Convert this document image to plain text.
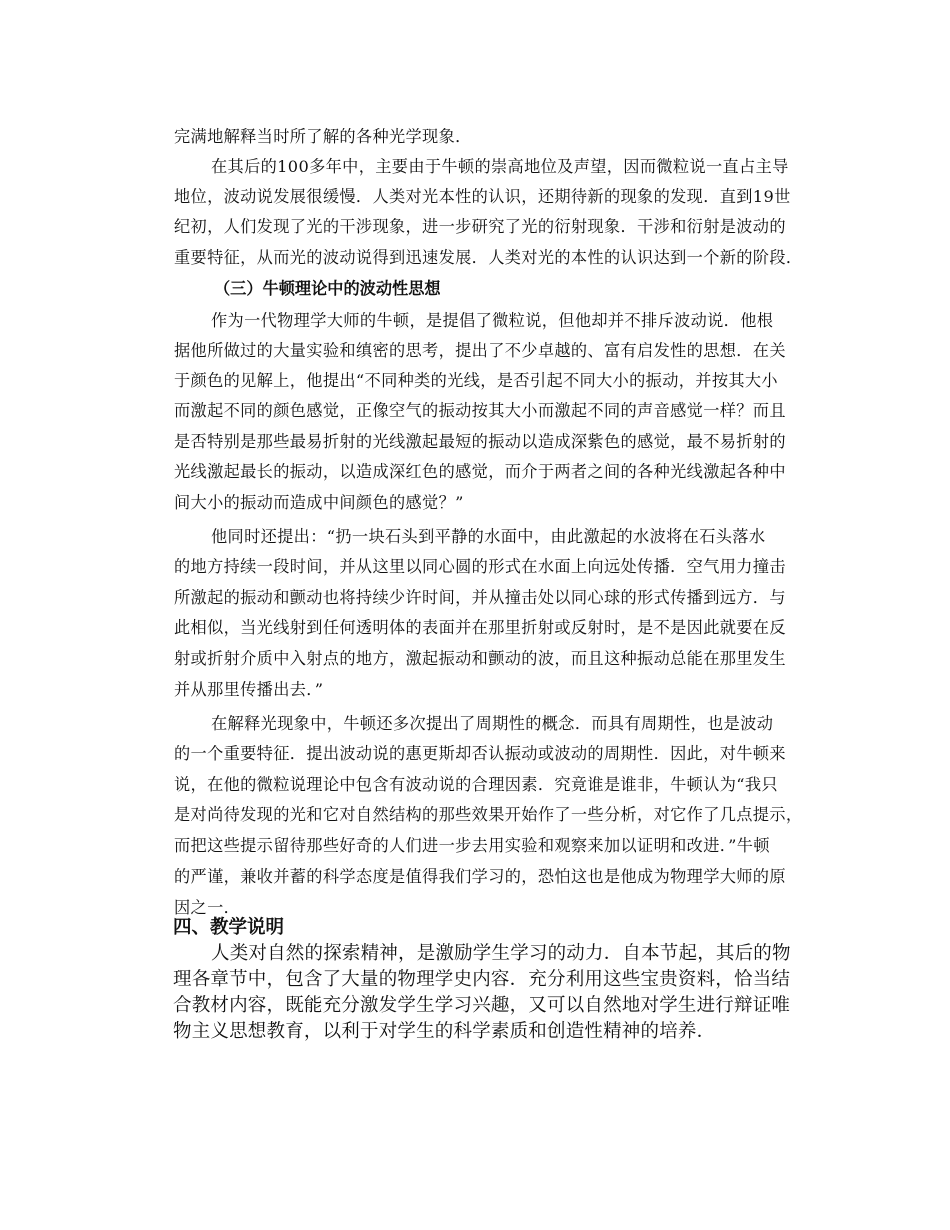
完满地解释当时所了解的各种光学现象．
在其后的100多年中，主要由于牛顿的崇高地位及声望，因而微粒说一直占主导
地位，波动说发展很缓慢．人类对光本性的认识，还期待新的现象的发现．直到19世
纪初，人们发现了光的干涉现象，进一步研究了光的衍射现象．干涉和衍射是波动的
重要特征，从而光的波动说得到迅速发展．人类对光的本性的认识达到一个新的阶段．
（三）牛顿理论中的波动性思想
作为一代物理学大师的牛顿，是提倡了微粒说，但他却并不排斥波动说．他根
据他所做过的大量实验和缜密的思考，提出了不少卓越的、富有启发性的思想．在关
于颜色的见解上，他提出“不同种类的光线，是否引起不同大小的振动，并按其大小
而激起不同的颜色感觉，正像空气的振动按其大小而激起不同的声音感觉一样？而且
是否特别是那些最易折射的光线激起最短的振动以造成深紫色的感觉，最不易折射的
光线激起最长的振动，以造成深红色的感觉，而介于两者之间的各种光线激起各种中
间大小的振动而造成中间颜色的感觉？”
他同时还提出：“扔一块石头到平静的水面中，由此激起的水波将在石头落水
的地方持续一段时间，并从这里以同心圆的形式在水面上向远处传播．空气用力撞击
所激起的振动和颤动也将持续少许时间，并从撞击处以同心球的形式传播到远方．与
此相似，当光线射到任何透明体的表面并在那里折射或反射时，是不是因此就要在反
射或折射介质中入射点的地方，激起振动和颤动的波，而且这种振动总能在那里发生
并从那里传播出去．”
在解释光现象中，牛顿还多次提出了周期性的概念．而具有周期性，也是波动
的一个重要特征．提出波动说的惠更斯却否认振动或波动的周期性．因此，对牛顿来
说，在他的微粒说理论中包含有波动说的合理因素．究竟谁是谁非，牛顿认为“我只
是对尚待发现的光和它对自然结构的那些效果开始作了一些分析，对它作了几点提示，
而把这些提示留待那些好奇的人们进一步去用实验和观察来加以证明和改进．”牛顿
的严谨，兼收并蓄的科学态度是值得我们学习的，恐怕这也是他成为物理学大师的原
因之一．
四、教学说明
人类对自然的探索精神，是激励学生学习的动力．自本节起，其后的物
理各章节中，包含了大量的物理学史内容．充分利用这些宝贵资料，恰当结
合教材内容，既能充分激发学生学习兴趣，又可以自然地对学生进行辩证唯
物主义思想教育，以利于对学生的科学素质和创造性精神的培养．
